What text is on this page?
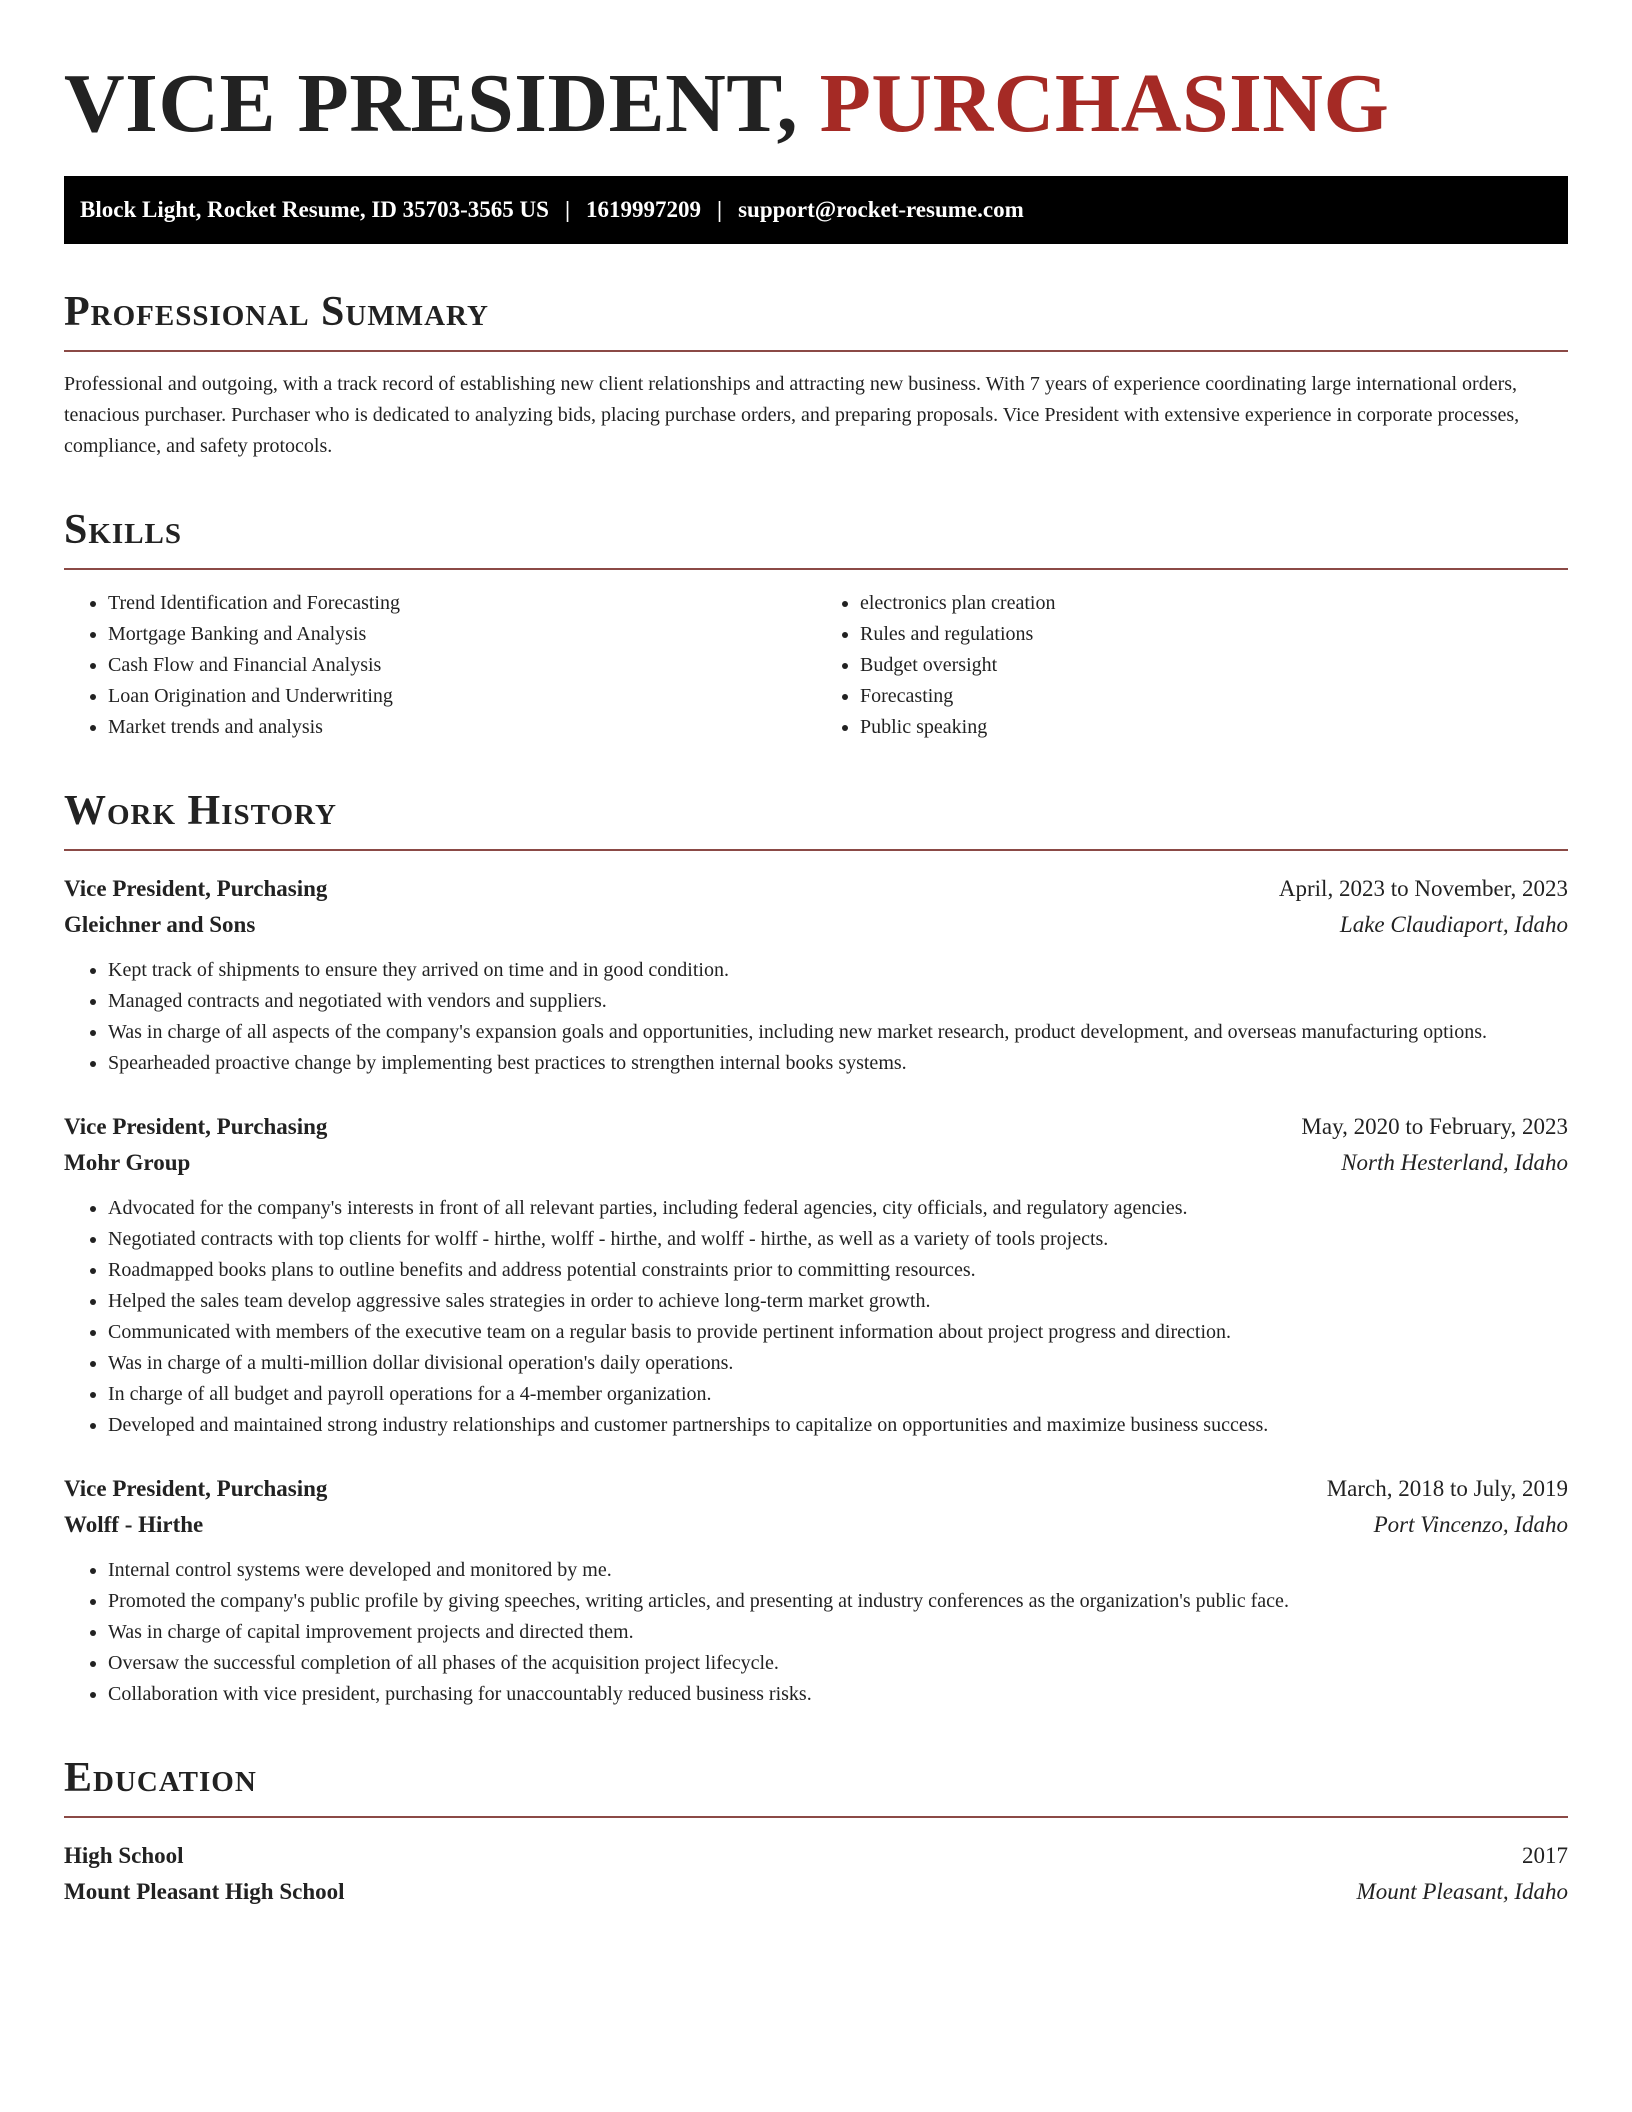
VICE PRESIDENT, PURCHASING
Block Light, Rocket Resume, ID 35703-3565 US | 1619997209 | support@rocket-resume.com
Professional Summary

Professional and outgoing, with a track record of establishing new client relationships and attracting new business. With 7 years of experience coordinating large international orders, tenacious purchaser. Purchaser who is dedicated to analyzing bids, placing purchase orders, and preparing proposals. Vice President with extensive experience in corporate processes, compliance, and safety protocols.

Skills
• Trend Identification and Forecasting
• Mortgage Banking and Analysis
• Cash Flow and Financial Analysis
• Loan Origination and Underwriting
• Market trends and analysis
• electronics plan creation
• Rules and regulations
• Budget oversight
• Forecasting
• Public speaking
Work History
Vice President, Purchasing	April, 2023 to November, 2023
Gleichner and Sons	Lake Claudiaport, Idaho
• Kept track of shipments to ensure they arrived on time and in good condition.
• Managed contracts and negotiated with vendors and suppliers.
• Was in charge of all aspects of the company's expansion goals and opportunities, including new market research, product development, and overseas manufacturing options.
• Spearheaded proactive change by implementing best practices to strengthen internal books systems.
Vice President, Purchasing	May, 2020 to February, 2023
Mohr Group	North Hesterland, Idaho
• Advocated for the company's interests in front of all relevant parties, including federal agencies, city officials, and regulatory agencies.
• Negotiated contracts with top clients for wolff - hirthe, wolff - hirthe, and wolff - hirthe, as well as a variety of tools projects.
• Roadmapped books plans to outline benefits and address potential constraints prior to committing resources.
• Helped the sales team develop aggressive sales strategies in order to achieve long-term market growth.
• Communicated with members of the executive team on a regular basis to provide pertinent information about project progress and direction.
• Was in charge of a multi-million dollar divisional operation's daily operations.
• In charge of all budget and payroll operations for a 4-member organization.
• Developed and maintained strong industry relationships and customer partnerships to capitalize on opportunities and maximize business success.
Vice President, Purchasing	March, 2018 to July, 2019
Wolff - Hirthe	Port Vincenzo, Idaho
• Internal control systems were developed and monitored by me.
• Promoted the company's public profile by giving speeches, writing articles, and presenting at industry conferences as the organization's public face.
• Was in charge of capital improvement projects and directed them.
• Oversaw the successful completion of all phases of the acquisition project lifecycle.
• Collaboration with vice president, purchasing for unaccountably reduced business risks.
Education
High School	2017
Mount Pleasant High School	Mount Pleasant, Idaho
